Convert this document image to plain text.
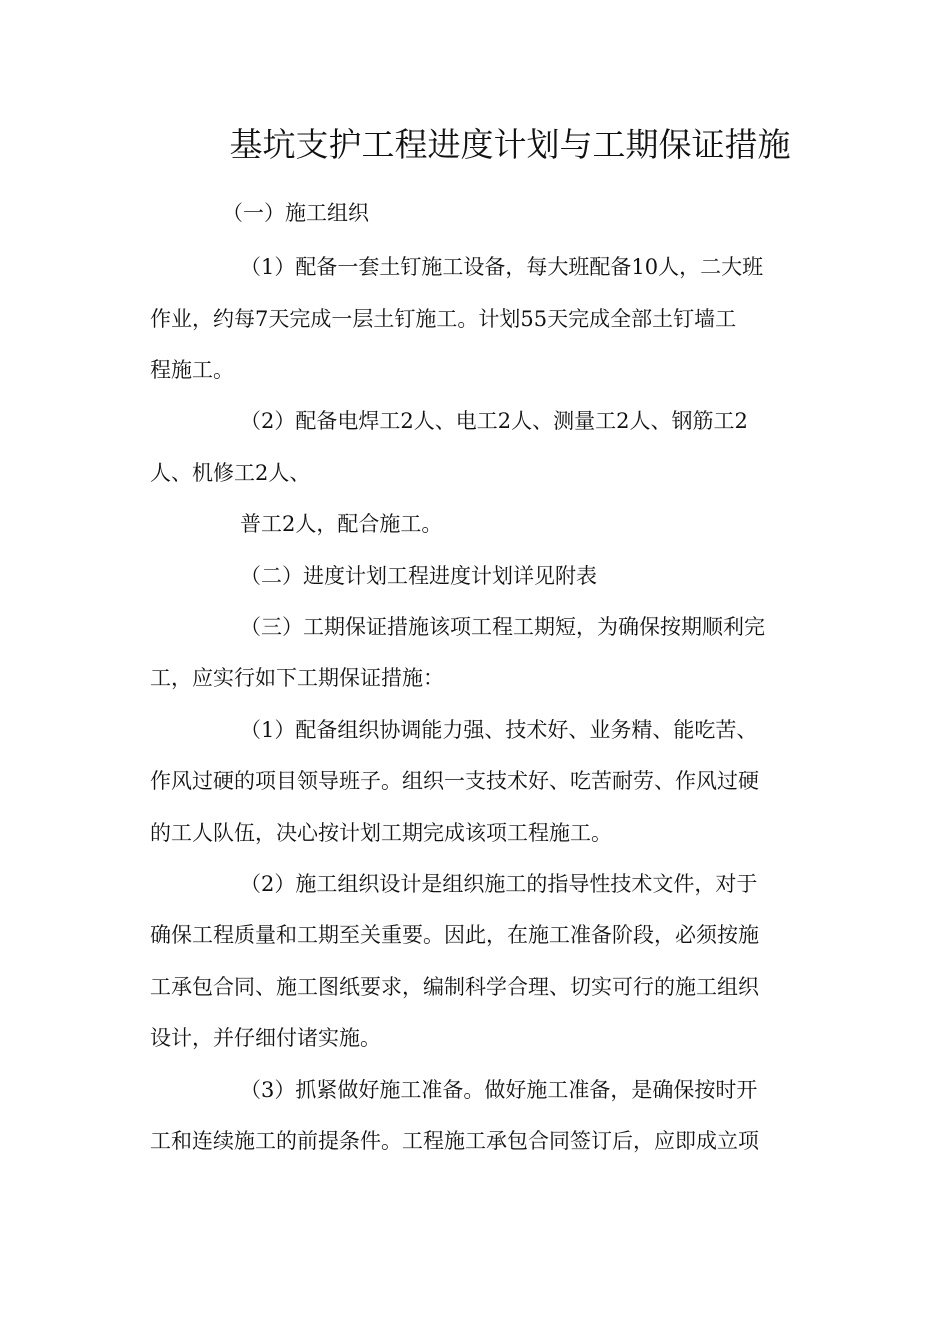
基坑支护工程进度计划与工期保证措施
（一）施工组织
（1）配备一套土钉施工设备，每大班配备10人，二大班
作业，约每7天完成一层土钉施工。计划55天完成全部土钉墙工
程施工。
（2）配备电焊工2人、电工2人、测量工2人、钢筋工2
人、机修工2人、
普工2人，配合施工。
（二）进度计划工程进度计划详见附表
（三）工期保证措施该项工程工期短，为确保按期顺利完
工，应实行如下工期保证措施：
（1）配备组织协调能力强、技术好、业务精、能吃苦、
作风过硬的项目领导班子。组织一支技术好、吃苦耐劳、作风过硬
的工人队伍，决心按计划工期完成该项工程施工。
（2）施工组织设计是组织施工的指导性技术文件，对于
确保工程质量和工期至关重要。因此，在施工准备阶段，必须按施
工承包合同、施工图纸要求，编制科学合理、切实可行的施工组织
设计，并仔细付诸实施。
（3）抓紧做好施工准备。做好施工准备，是确保按时开
工和连续施工的前提条件。工程施工承包合同签订后，应即成立项
